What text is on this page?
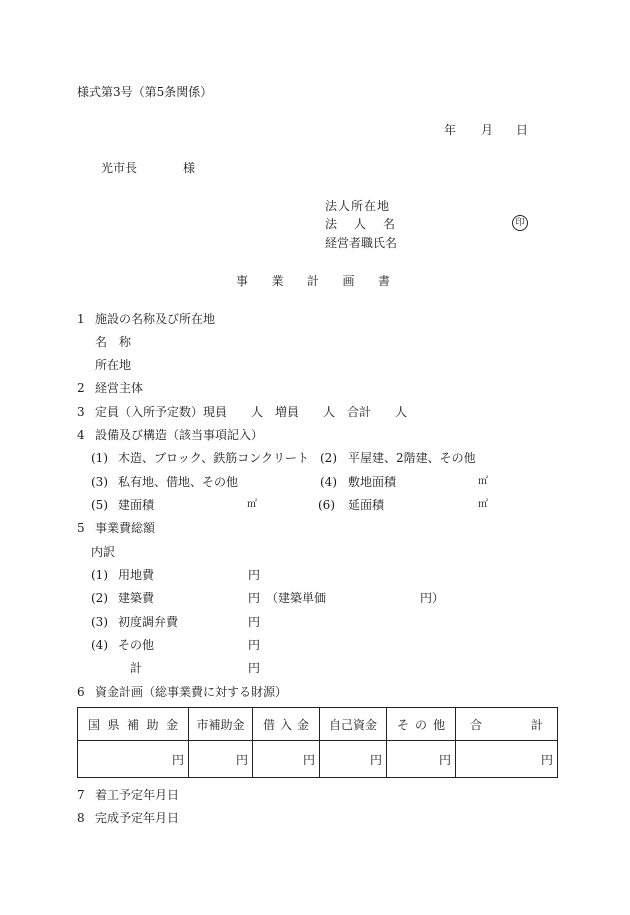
様式第3号（第5条関係）
年 月 日
光市長	様
法人所在地
法 人 名	印
経営者職氏名
事 業 計 画 書
1 施設の名称及び所在地
名　称
所在地
2 経営主体
3 定員（入所予定数）現員　　人　増員　　人　合計　　人
4 設備及び構造（該当事項記入）
(1) 木造、ブロック、鉄筋コンクリート (2) 平屋建、2階建、その他
(3) 私有地、借地、その他	(4) 敷地面積	㎡
(5) 建面積	㎡	(6) 延面積	㎡
5 事業費総額
内訳
(1) 用地費	円
(2) 建築費	円 （建築単価	円）
(3) 初度調弁費	円
(4) その他	円
計	円
6 資金計画（総事業費に対する財源）
国 県 補 助 金	市補助金	借 入 金	自己資金	そ の 他	合 計

円	円	円	円	円	円
7 着工予定年月日
8 完成予定年月日
